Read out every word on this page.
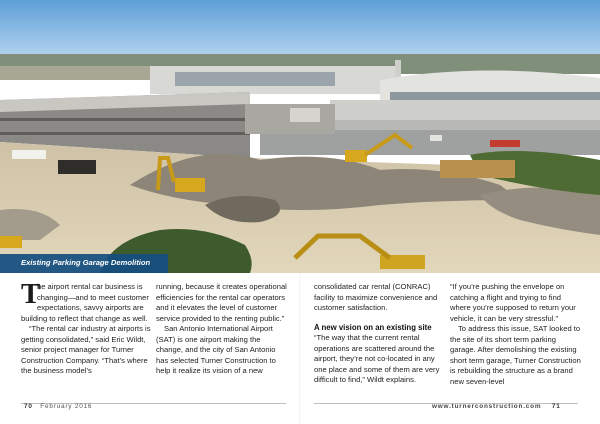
Existing Parking Garage Demolition

T
he airport rental car business is changing—and to meet customer expectations, savvy airports are building to reflect that change as well.

“The rental car industry at airports is getting consolidated,” said Eric Wildt, senior project manager for Turner Construction Company. “That’s where the business model’s

running, because it creates operational efficiencies for the rental car operators and it elevates the level of customer service provided to the renting public.”

San Antonio International Airport (SAT) is one airport making the change, and the city of San Antonio has selected Turner Construction to help it realize its vision of a new

consolidated car rental (CONRAC) facility to maximize convenience and customer satisfaction.

A new vision on an existing site

“The way that the current rental operations are scattered around the airport, they’re not co-located in any one place and some of them are very difficult to find,” Wildt explains.

“If you’re pushing the envelope on catching a flight and trying to find where you’re supposed to return your vehicle, it can be very stressful.”

To address this issue, SAT looked to the site of its short term parking garage. After demolishing the existing short term garage, Turner Construction is rebuilding the structure as a brand new seven-level

70 February 2016	www.turnerconstruction.com 71
